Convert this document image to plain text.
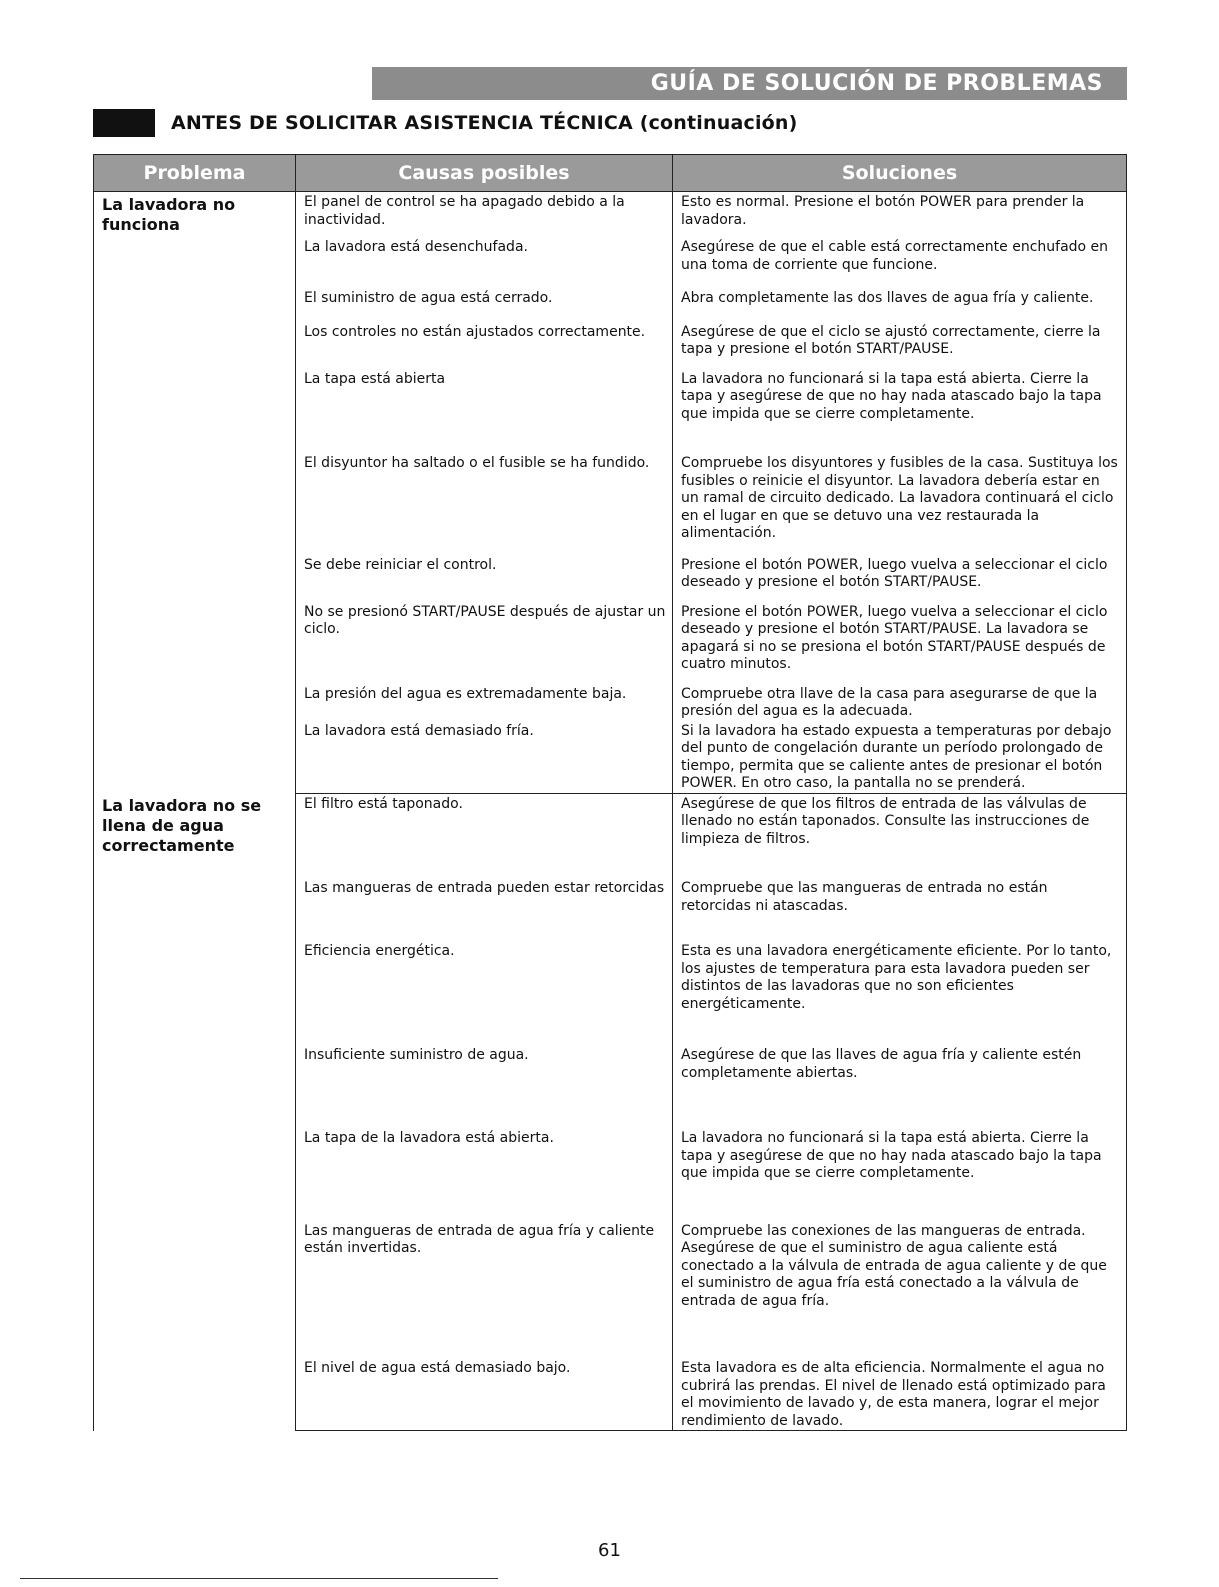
GUÍA DE SOLUCIÓN DE PROBLEMAS
ANTES DE SOLICITAR ASISTENCIA TÉCNICA (continuación)
Problema	Causas posibles	Soluciones
La lavadora no funciona	El panel de control se ha apagado debido a la inactividad.	Esto es normal. Presione el botón POWER para prender la lavadora.
	La lavadora está desenchufada.	Asegúrese de que el cable está correctamente enchufado en una toma de corriente que funcione.
	El suministro de agua está cerrado.	Abra completamente las dos llaves de agua fría y caliente.
	Los controles no están ajustados correctamente.	Asegúrese de que el ciclo se ajustó correctamente, cierre la tapa y presione el botón START/PAUSE.
	La tapa está abierta	La lavadora no funcionará si la tapa está abierta. Cierre la tapa y asegúrese de que no hay nada atascado bajo la tapa que impida que se cierre completamente.
	El disyuntor ha saltado o el fusible se ha fundido.	Compruebe los disyuntores y fusibles de la casa. Sustituya los fusibles o reinicie el disyuntor. La lavadora debería estar en un ramal de circuito dedicado. La lavadora continuará el ciclo en el lugar en que se detuvo una vez restaurada la alimentación.
	Se debe reiniciar el control.	Presione el botón POWER, luego vuelva a seleccionar el ciclo deseado y presione el botón START/PAUSE.
	No se presionó START/PAUSE después de ajustar un ciclo.	Presione el botón POWER, luego vuelva a seleccionar el ciclo deseado y presione el botón START/PAUSE. La lavadora se apagará si no se presiona el botón START/PAUSE después de cuatro minutos.
	La presión del agua es extremadamente baja.	Compruebe otra llave de la casa para asegurarse de que la presión del agua es la adecuada.
	La lavadora está demasiado fría.	Si la lavadora ha estado expuesta a temperaturas por debajo del punto de congelación durante un período prolongado de tiempo, permita que se caliente antes de presionar el botón POWER. En otro caso, la pantalla no se prenderá.
La lavadora no se llena de agua correctamente	El filtro está taponado.	Asegúrese de que los filtros de entrada de las válvulas de llenado no están taponados. Consulte las instrucciones de limpieza de filtros.
	Las mangueras de entrada pueden estar retorcidas	Compruebe que las mangueras de entrada no están retorcidas ni atascadas.
	Eficiencia energética.	Esta es una lavadora energéticamente eficiente. Por lo tanto, los ajustes de temperatura para esta lavadora pueden ser distintos de las lavadoras que no son eficientes energéticamente.
	Insuficiente suministro de agua.	Asegúrese de que las llaves de agua fría y caliente estén completamente abiertas.
	La tapa de la lavadora está abierta.	La lavadora no funcionará si la tapa está abierta. Cierre la tapa y asegúrese de que no hay nada atascado bajo la tapa que impida que se cierre completamente.
	Las mangueras de entrada de agua fría y caliente están invertidas.	Compruebe las conexiones de las mangueras de entrada. Asegúrese de que el suministro de agua caliente está conectado a la válvula de entrada de agua caliente y de que el suministro de agua fría está conectado a la válvula de entrada de agua fría.
	El nivel de agua está demasiado bajo.	Esta lavadora es de alta eficiencia. Normalmente el agua no cubrirá las prendas. El nivel de llenado está optimizado para el movimiento de lavado y, de esta manera, lograr el mejor rendimiento de lavado.
61
